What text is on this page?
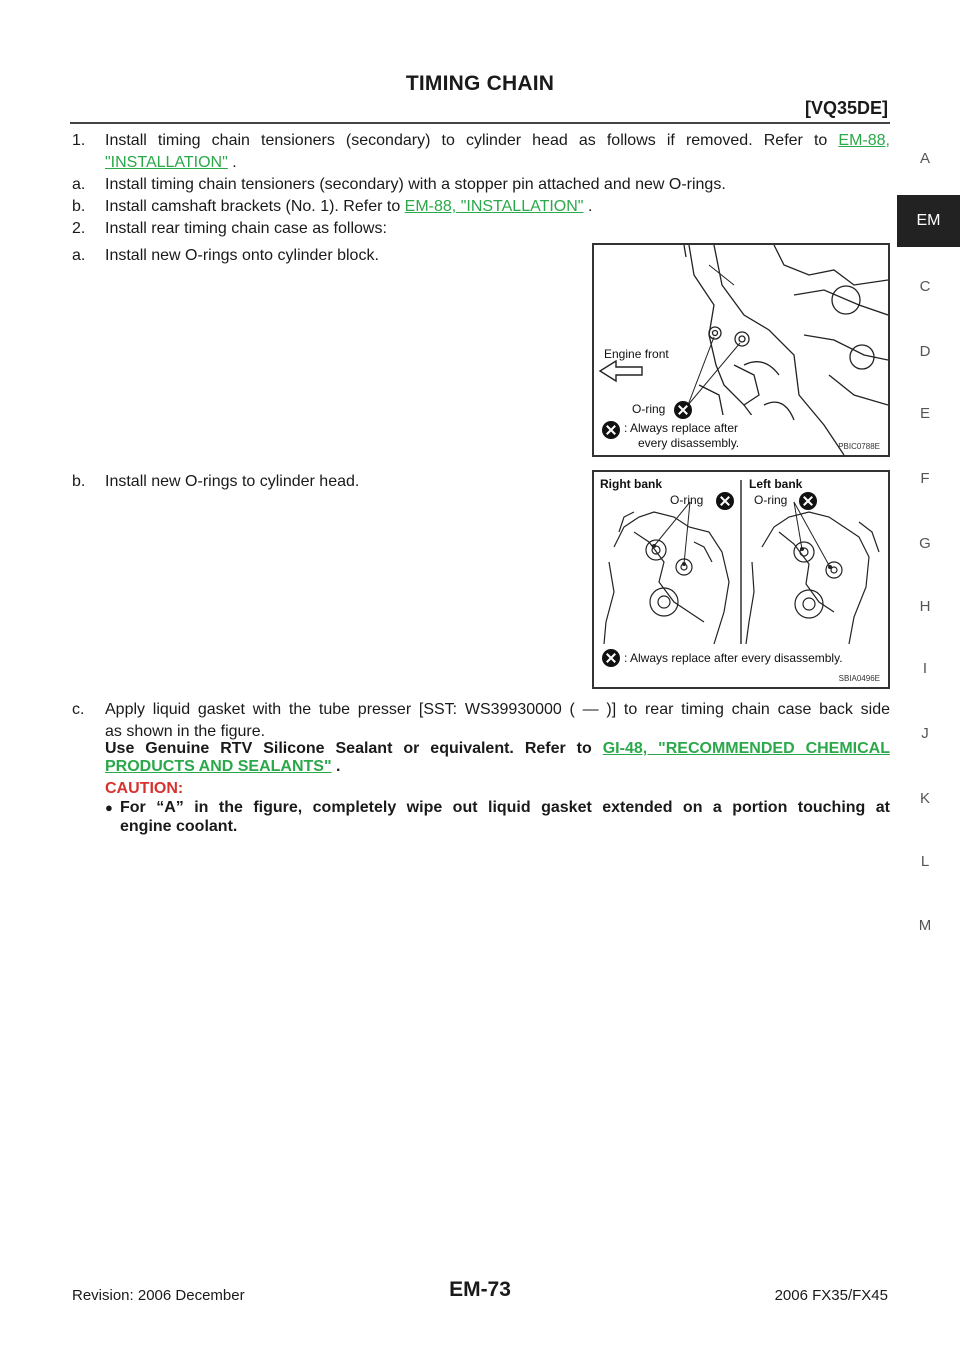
TIMING CHAIN
[VQ35DE]
A
C
D
E
F
G
H
I
J
K
L
M
EM
1. Install timing chain tensioners (secondary) to cylinder head as follows if removed. Refer to EM-88,
"INSTALLATION" .
a. Install timing chain tensioners (secondary) with a stopper pin attached and new O-rings.
b. Install camshaft brackets (No. 1). Refer to EM-88, "INSTALLATION" .
2. Install rear timing chain case as follows:
a. Install new O-rings onto cylinder block.
Engine front
O-ring
: Always replace after
every disassembly.	PBIC0788E
b. Install new O-rings to cylinder head.	Right bank	Left bank
O-ring	O-ring
: Always replace after every disassembly.
SBIA0496E
c. Apply liquid gasket with the tube presser [SST: WS39930000 ( — )] to rear timing chain case back side
as shown in the figure.
Use Genuine RTV Silicone Sealant or equivalent. Refer to GI-48, "RECOMMENDED CHEMICAL
PRODUCTS AND SEALANTS" .
CAUTION:
● For “A” in the figure, completely wipe out liquid gasket extended on a portion touching at
engine coolant.
Revision: 2006 December	EM-73	2006 FX35/FX45
